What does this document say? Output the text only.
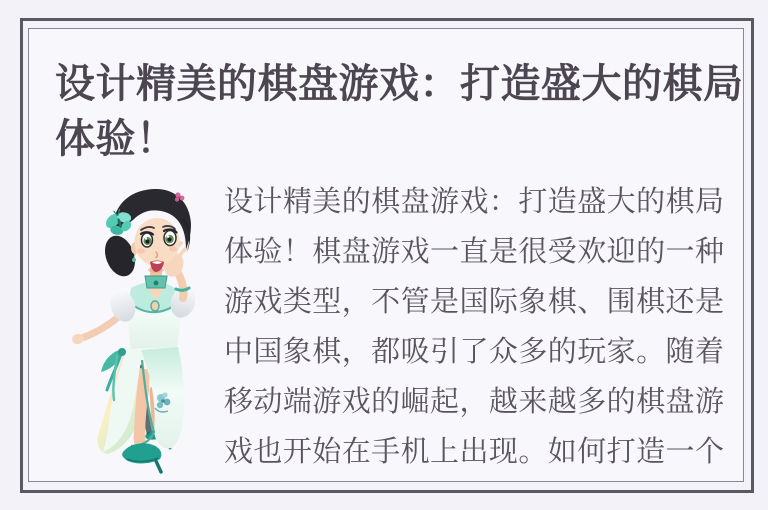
设计精美的棋盘游戏：打造盛大的棋局
体验！
设计精美的棋盘游戏：打造盛大的棋局
体验！棋盘游戏一直是很受欢迎的一种
游戏类型，不管是国际象棋、围棋还是
中国象棋，都吸引了众多的玩家。随着
移动端游戏的崛起，越来越多的棋盘游
戏也开始在手机上出现。如何打造一个
